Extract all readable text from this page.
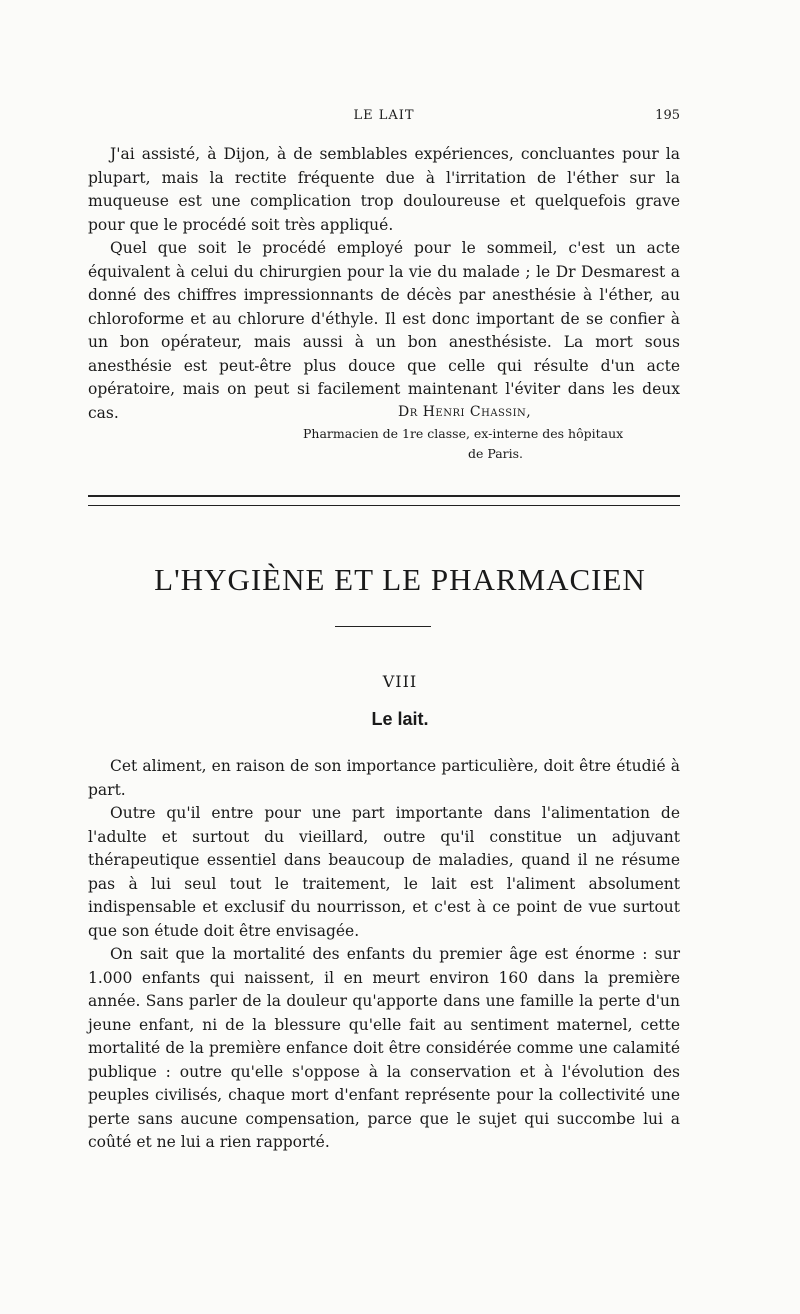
LE LAIT	195

J'ai assisté, à Dijon, à de semblables expériences, concluantes pour la plupart, mais la rectite fréquente due à l'irritation de l'éther sur la muqueuse est une complication trop douloureuse et quelquefois grave pour que le procédé soit très appliqué.

Quel que soit le procédé employé pour le sommeil, c'est un acte équivalent à celui du chirurgien pour la vie du malade ; le Dr Desmarest a donné des chiffres impressionnants de décès par anesthésie à l'éther, au chloroforme et au chlorure d'éthyle. Il est donc important de se confier à un bon opérateur, mais aussi à un bon anesthésiste. La mort sous anesthésie est peut-être plus douce que celle qui résulte d'un acte opératoire, mais on peut si facilement maintenant l'éviter dans les deux cas.	Dr Henri Chassin,
Pharmacien de 1re classe, ex-interne des hôpitaux
de Paris.
L'HYGIÈNE ET LE PHARMACIEN
VIII
Le lait.

Cet aliment, en raison de son importance particulière, doit être étudié à part.

Outre qu'il entre pour une part importante dans l'alimentation de l'adulte et surtout du vieillard, outre qu'il constitue un adjuvant thérapeutique essentiel dans beaucoup de maladies, quand il ne résume pas à lui seul tout le traitement, le lait est l'aliment absolument indispensable et exclusif du nourrisson, et c'est à ce point de vue surtout que son étude doit être envisagée.

On sait que la mortalité des enfants du premier âge est énorme : sur 1.000 enfants qui naissent, il en meurt environ 160 dans la première année. Sans parler de la douleur qu'apporte dans une famille la perte d'un jeune enfant, ni de la blessure qu'elle fait au sentiment maternel, cette mortalité de la première enfance doit être considérée comme une calamité publique : outre qu'elle s'oppose à la conservation et à l'évolution des peuples civilisés, chaque mort d'enfant représente pour la collectivité une perte sans aucune compensation, parce que le sujet qui succombe lui a coûté et ne lui a rien rapporté.
